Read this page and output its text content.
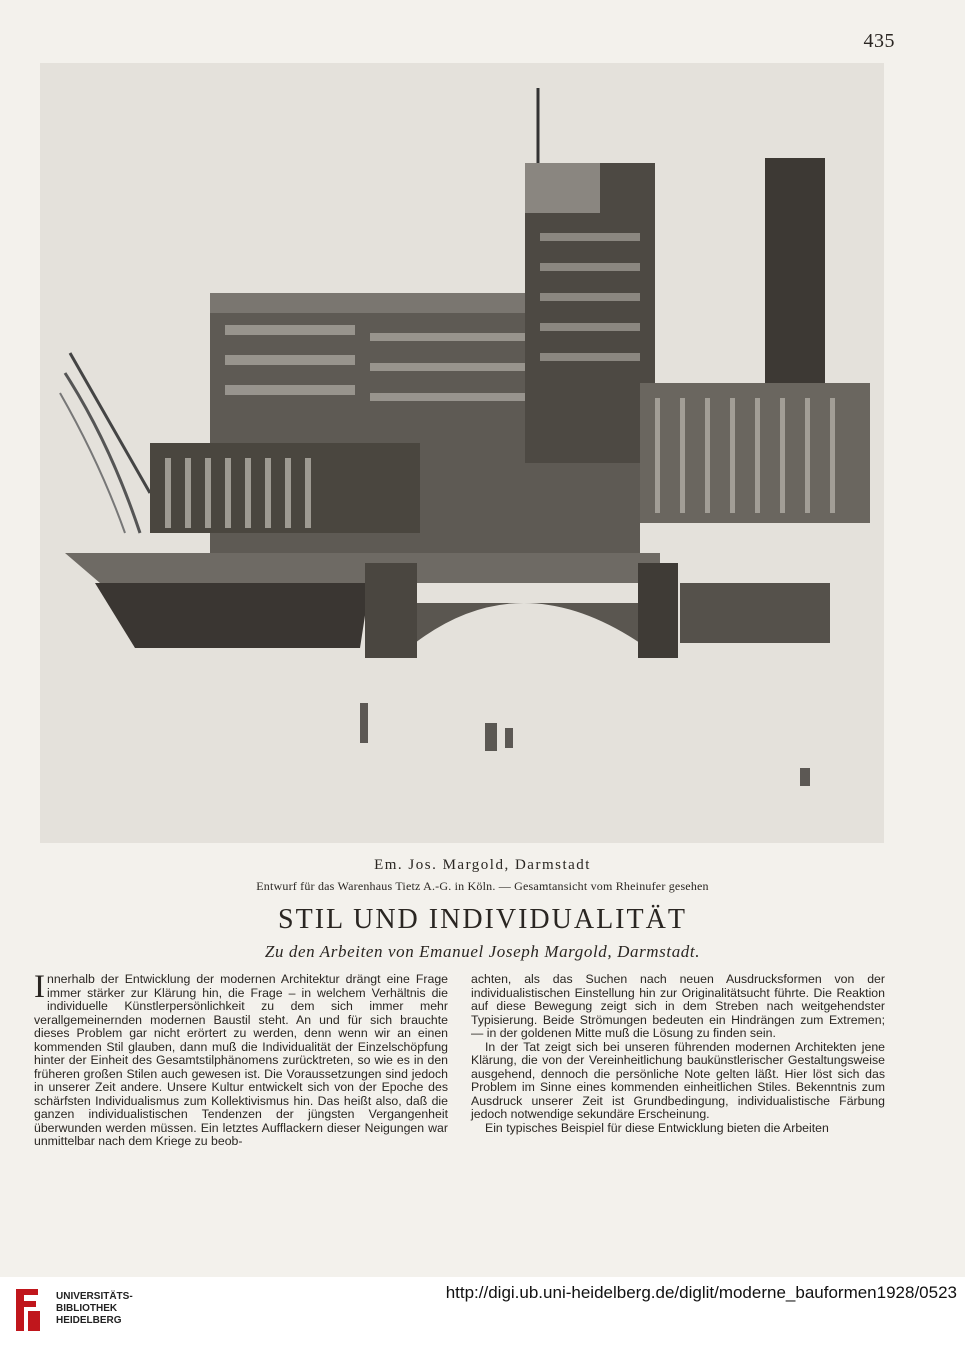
435
Em. Jos. Margold, Darmstadt
Entwurf für das Warenhaus Tietz A.-G. in Köln. — Gesamtansicht vom Rheinufer gesehen
STIL UND INDIVIDUALITÄT
Zu den Arbeiten von Emanuel Joseph Margold, Darmstadt.

Innerhalb der Entwicklung der modernen Architektur drängt eine Frage immer stärker zur Klärung hin, die Frage – in welchem Verhältnis die individuelle Künstlerpersönlichkeit zu dem sich immer mehr verallgemeinernden modernen Baustil steht. An und für sich brauchte dieses Problem gar nicht erörtert zu werden, denn wenn wir an einen kommenden Stil glauben, dann muß die Individualität der Einzelschöpfung hinter der Einheit des Gesamtstilphänomens zurücktreten, so wie es in den früheren großen Stilen auch gewesen ist. Die Voraussetzungen sind jedoch in unserer Zeit andere. Unsere Kultur entwickelt sich von der Epoche des schärfsten Individualismus zum Kollektivismus hin. Das heißt also, daß die ganzen individualistischen Tendenzen der jüngsten Vergangenheit überwunden werden müssen. Ein letztes Aufflackern dieser Neigungen war unmittelbar nach dem Kriege zu beob-

achten, als das Suchen nach neuen Ausdrucksformen von der individualistischen Einstellung hin zur Originalitätsucht führte. Die Reaktion auf diese Bewegung zeigt sich in dem Streben nach weitgehendster Typisierung. Beide Strömungen bedeuten ein Hindrängen zum Extremen; — in der goldenen Mitte muß die Lösung zu finden sein.

In der Tat zeigt sich bei unseren führenden modernen Architekten jene Klärung, die von der Vereinheitlichung baukünstlerischer Gestaltungsweise ausgehend, dennoch die persönliche Note gelten läßt. Hier löst sich das Problem im Sinne eines kommenden einheitlichen Stiles. Bekenntnis zum Ausdruck unserer Zeit ist Grundbedingung, individualistische Färbung jedoch notwendige sekundäre Erscheinung.

Ein typisches Beispiel für diese Entwicklung bieten die Arbeiten

UNIVERSITÄTS-
BIBLIOTHEK
HEIDELBERG
http://digi.ub.uni-heidelberg.de/diglit/moderne_bauformen1928/0523
